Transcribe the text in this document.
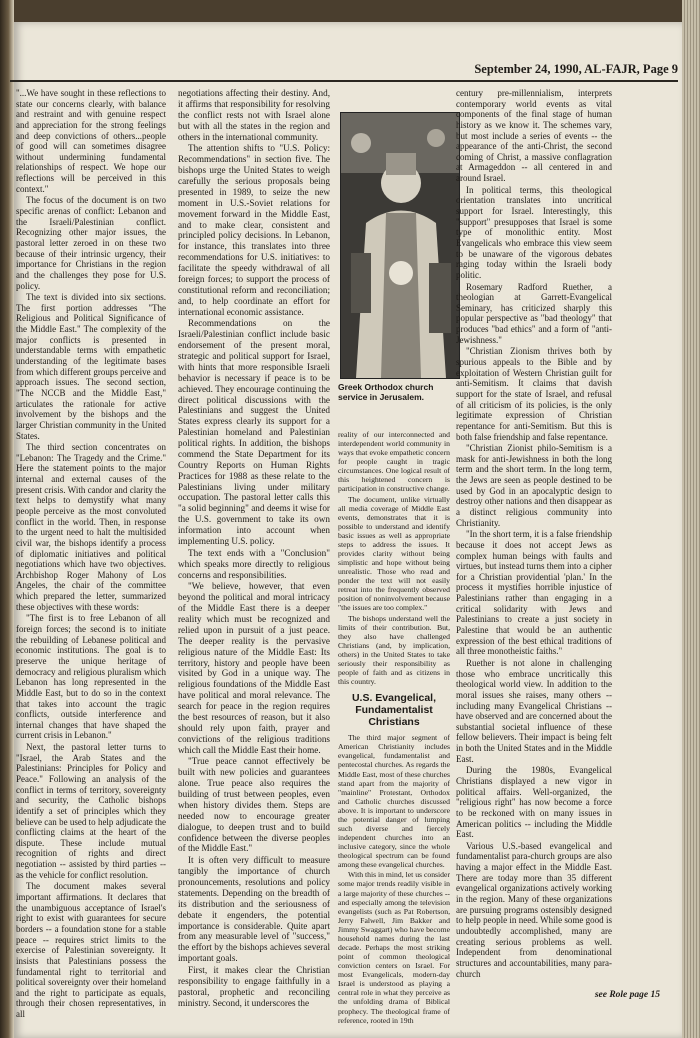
September 24, 1990, AL-FAJR, Page 9

"...We have sought in these reflections to state our concerns clearly, with balance and restraint and with genuine respect and appreciation for the strong feelings and deep convictions of others...people of good will can sometimes disagree without undermining fundamental relationships of respect. We hope our reflections will be perceived in this context."

The focus of the document is on two specific arenas of conflict: Lebanon and the Israeli/Palestinian conflict. Recognizing other major issues, the pastoral letter zeroed in on these two because of their intrinsic urgency, their importance for Christians in the region and the challenges they pose for U.S. policy.

The text is divided into six sections. The first portion addresses "The Religious and Political Significance of the Middle East." The complexity of the major conflicts is presented in understandable terms with empathetic understanding of the legitimate bases from which different groups perceive and approach issues. The second section, "The NCCB and the Middle East," articulates the rationale for active involvement by the bishops and the larger Christian community in the United States.

The third section concentrates on "Lebanon: The Tragedy and the Crime." Here the statement points to the major internal and external causes of the present crisis. With candor and clarity the text helps to demystify what many people perceive as the most convoluted conflict in the world. Then, in response to the urgent need to halt the multisided civil war, the bishops identify a process of diplomatic initiatives and political negotiations which have two objectives. Archbishop Roger Mahony of Los Angeles, the chair of the committee which prepared the letter, summarized these objectives with these words:

"The first is to free Lebanon of all foreign forces; the second is to initiate the rebuilding of Lebanese political and economic institutions. The goal is to preserve the unique heritage of democracy and religious pluralism which Lebanon has long represented in the Middle East, but to do so in the context that takes into account the tragic conflicts, outside interference and internal changes that have shaped the current crisis in Lebanon."

Next, the pastoral letter turns to "Israel, the Arab States and the Palestinians: Principles for Policy and Peace." Following an analysis of the conflict in terms of territory, sovereignty and security, the Catholic bishops identify a set of principles which they believe can be used to help adjudicate the conflicting claims at the heart of the dispute. These include mutual recognition of rights and direct negotiation -- assisted by third parties -- as the vehicle for conflict resolution.

The document makes several important affirmations. It declares that the unambiguous acceptance of Israel's right to exist with guarantees for secure borders -- a foundation stone for a stable peace -- requires strict limits to the exercise of Palestinian sovereignty. It insists that Palestinians possess the fundamental right to territorial and political sovereignty over their homeland and the right to participate as equals, through their chosen representatives, in all

negotiations affecting their destiny. And, it affirms that responsibility for resolving the conflict rests not with Israel alone but with all the states in the region and others in the international community.

The attention shifts to "U.S. Policy: Recommendations" in section five. The bishops urge the United States to weigh carefully the serious proposals being presented in 1989, to seize the new moment in U.S.-Soviet relations for movement forward in the Middle East, and to make clear, consistent and principled policy decisions. In Lebanon, for instance, this translates into three recommendations for U.S. initiatives: to facilitate the speedy withdrawal of all foreign forces; to support the process of constitutional reform and reconciliation; and, to help coordinate an effort for international economic assistance.

Recommendations on the Israeli/Palestinian conflict include basic endorsement of the present moral, strategic and political support for Israel, with hints that more responsible Israeli behavior is necessary if peace is to be achieved. They encourage continuing the direct political discussions with the Palestinians and suggest the United States express clearly its support for a Palestinian homeland and Palestinian political rights. In addition, the bishops commend the State Department for its Country Reports on Human Rights Practices for 1988 as these relate to the Palestinians living under military occupation. The pastoral letter calls this "a solid beginning" and deems it wise for the U.S. government to take its own information into account when implementing U.S. policy.

The text ends with a "Conclusion" which speaks more directly to religious concerns and responsibilities.

"We believe, however, that even beyond the political and moral intricacy of the Middle East there is a deeper reality which must be recognized and relied upon in pursuit of a just peace. The deeper reality is the pervasive religious nature of the Middle East: Its territory, history and people have been visited by God in a unique way. The religious foundations of the Middle East have political and moral relevance. The search for peace in the region requires the best resources of reason, but it also should rely upon faith, prayer and convictions of the religious traditions which call the Middle East their home.

"True peace cannot effectively be built with new policies and guarantees alone. True peace also requires the building of trust between peoples, even when history divides them. Steps are needed now to encourage greater dialogue, to deepen trust and to build confidence between the diverse peoples of the Middle East."

It is often very difficult to measure tangibly the importance of church pronouncements, resolutions and policy statements. Depending on the breadth of its distribution and the seriousness of debate it engenders, the potential importance is considerable. Quite apart from any measurable level of "success," the effort by the bishops achieves several important goals.

First, it makes clear the Christian responsibility to engage faithfully in a pastoral, prophetic and reconciling ministry. Second, it underscores the

Greek Orthodox church service in Jerusalem.

reality of our interconnected and interdependent world community in ways that evoke empathetic concern for people caught in tragic circumstances. One logical result of this heightened concern is participation in constructive change.

The document, unlike virtually all media coverage of Middle East events, demonstrates that it is possible to understand and identify basic issues as well as appropriate steps to address the issues. It provides clarity without being simplistic and hope without being unrealistic. Those who read and ponder the text will not easily retreat into the frequently observed position of noninvolvement because "the issues are too complex."

The bishops understand well the limits of their contribution. But, they also have challenged Christians (and, by implication, others) in the United States to take seriously their responsibility as people of faith and as citizens in this country.

U.S. Evangelical, Fundamentalist Christians

The third major segment of American Christianity includes evangelical, fundamentalist and pentecostal churches. As regards the Middle East, most of these churches stand apart from the majority of "mainline" Protestant, Orthodox and Catholic churches discussed above. It is important to underscore the potential danger of lumping such diverse and fiercely independent churches into an inclusive category, since the whole theological spectrum can be found among these evangelical churches.

With this in mind, let us consider some major trends readily visible in a large majority of these churches -- and especially among the television evangelists (such as Pat Robertson, Jerry Falwell, Jim Bakker and Jimmy Swaggart) who have become household names during the last decade. Perhaps the most striking point of common theological conviction centers on Israel. For most Evangelicals, modern-day Israel is understood as playing a central role in what they perceive as the unfolding drama of Biblical prophecy. The theological frame of reference, rooted in 19th

century pre-millennialism, interprets contemporary world events as vital components of the final stage of human history as we know it. The schemes vary, but most include a series of events -- the appearance of the anti-Christ, the second coming of Christ, a massive conflagration at Armageddon -- all centered in and around Israel.

In political terms, this theological orientation translates into uncritical support for Israel. Interestingly, this "support" presupposes that Israel is some type of monolithic entity. Most Evangelicals who embrace this view seem to be unaware of the vigorous debates raging today within the Israeli body politic.

Rosemary Radford Ruether, a theologian at Garrett-Evangelical Seminary, has criticized sharply this popular perspective as "bad theology" that produces "bad ethics" and a form of "anti-Jewishness."

"Christian Zionism thrives both by spurious appeals to the Bible and by exploitation of Western Christian guilt for anti-Semitism. It claims that davish support for the state of Israel, and refusal of all criticism of its policies, is the only legitimate expression of Christian repentance for anti-Semitism. But this is both false friendship and false repentance.

"Christian Zionist philo-Semitism is a mask for anti-Jewishness in both the long term and the short term. In the long term, the Jews are seen as people destined to be used by God in an apocalyptic design to destroy other nations and then disappear as a distinct religious community into Christianity.

"In the short term, it is a false friendship because it does not accept Jews as complex human beings with faults and virtues, but instead turns them into a cipher for a Christian providential 'plan.' In the process it mystifies horrible injustice of Palestinians rather than engaging in a critical solidarity with Jews and Palestinians to create a just society in Palestine that would be an authentic expression of the best ethical traditions of all three monotheistic faiths."

Ruether is not alone in challenging those who embrace uncritically this theological world view. In addition to the moral issues she raises, many others -- including many Evangelical Christians -- have observed and are concerned about the substantial societal influence of these fellow believers. Their impact is being felt in both the United States and in the Middle East.

During the 1980s, Evangelical Christians displayed a new vigor in political affairs. Well-organized, the "religious right" has now become a force to be reckoned with on many issues in American politics -- including the Middle East.

Various U.S.-based evangelical and fundamentalist para-church groups are also having a major effect in the Middle East. There are today more than 35 different evangelical organizations actively working in the region. Many of these organizations are pursuing programs ostensibly designed to help people in need. While some good is undoubtedly accomplished, many are creating serious problems as well. Independent from denominational structures and accountabilities, many para-church

see Role page 15
